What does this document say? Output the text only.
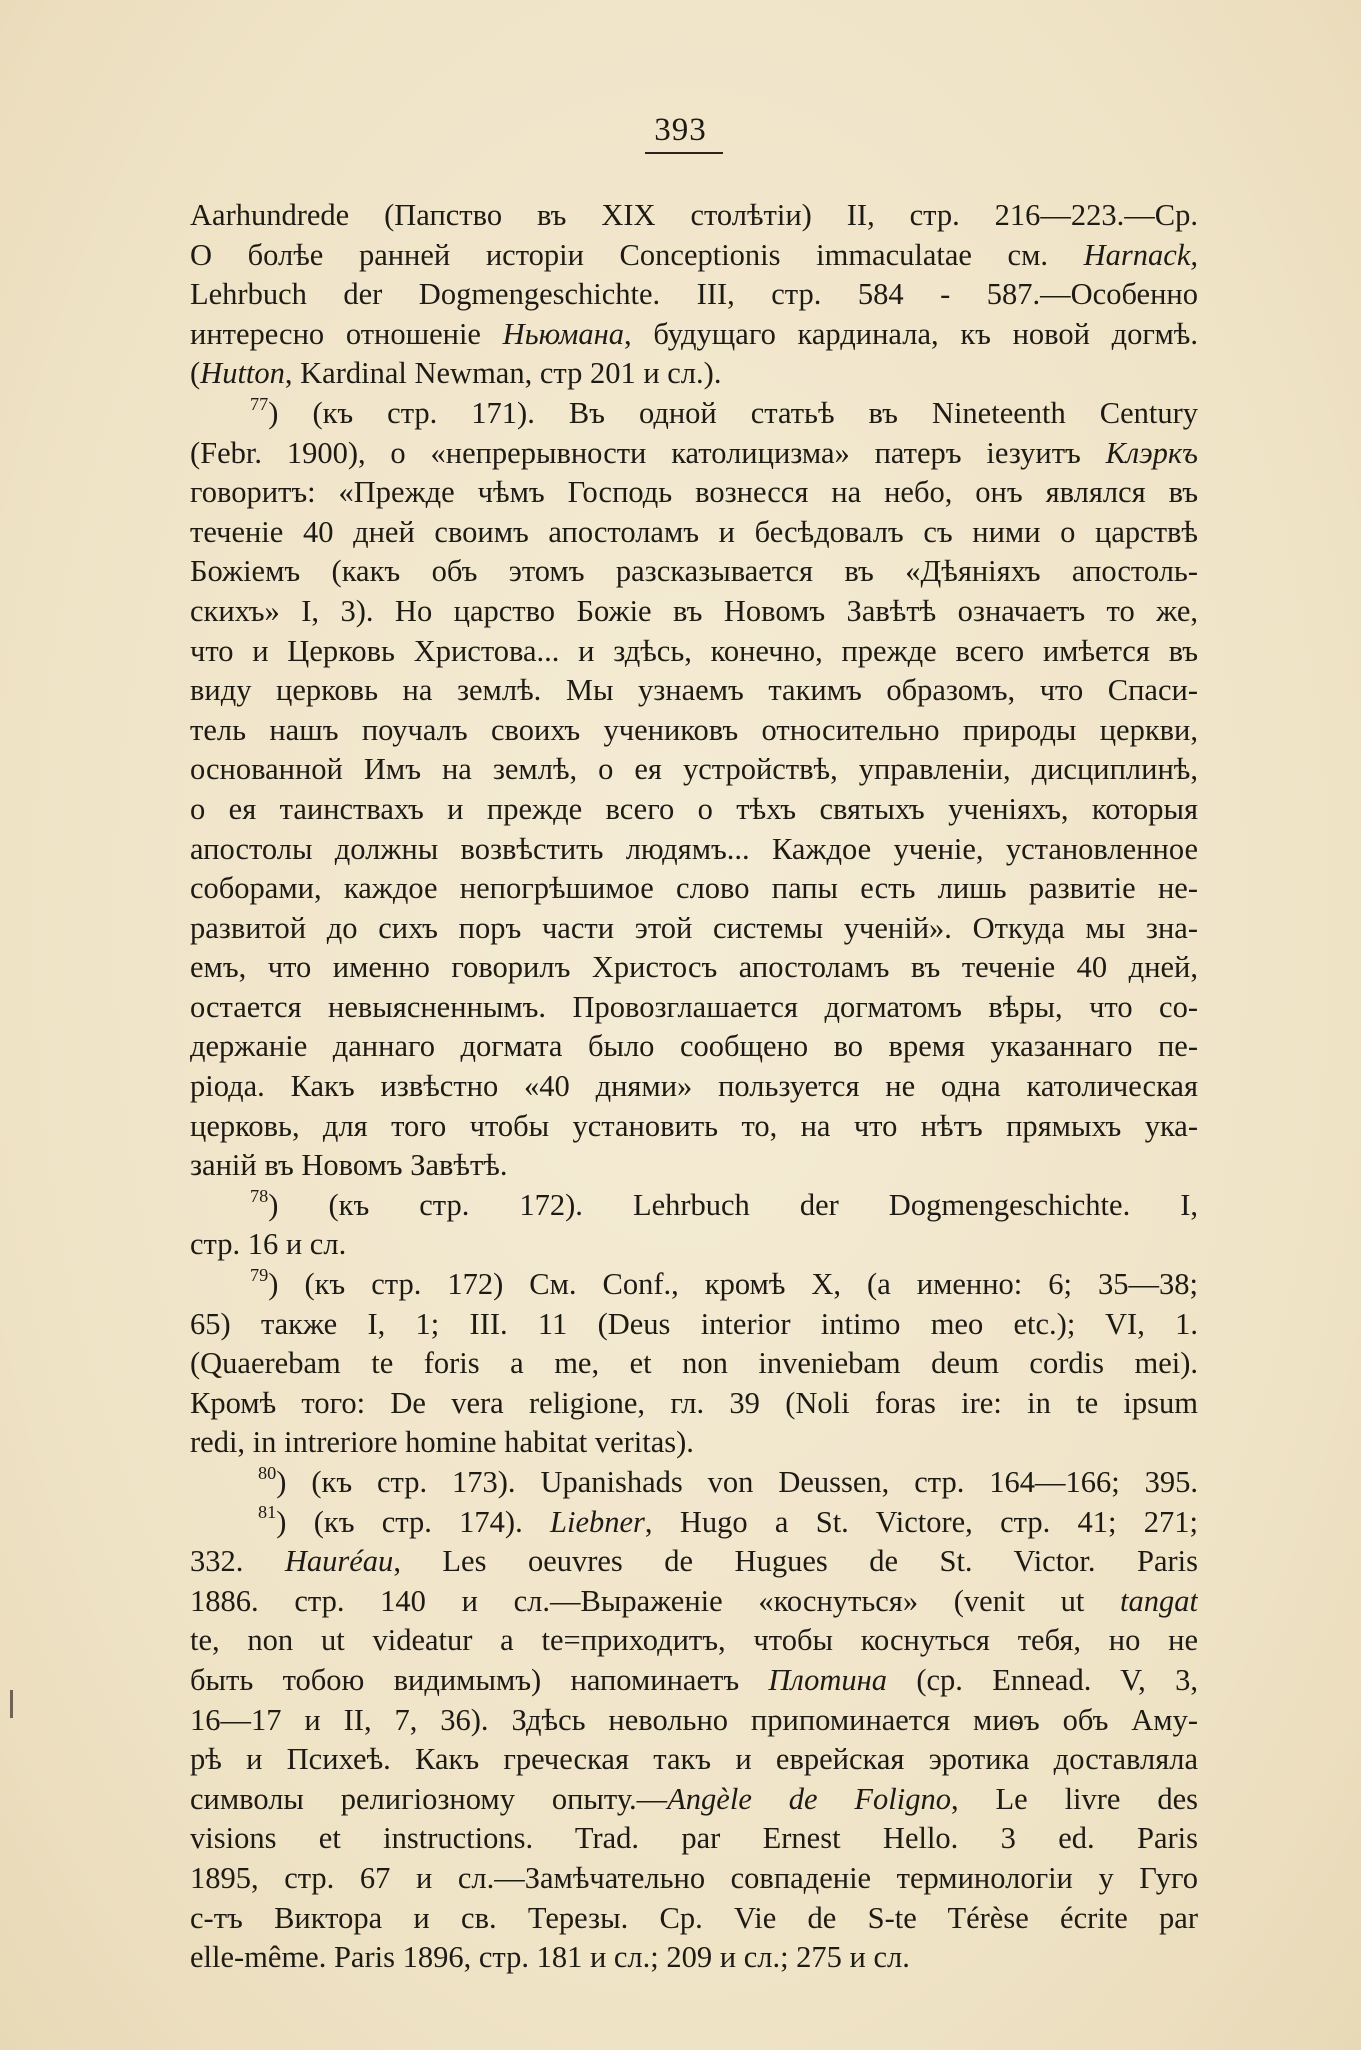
393
Aarhundrede (Папство въ XIX столѣтіи) II, стр. 216—223.—Ср.
О болѣе ранней исторіи Conceptionis immaculatae см. Harnack,
Lehrbuch der Dogmengeschichte. III, стр. 584 - 587.—Особенно
интересно отношеніе Ньюмана, будущаго кардинала, къ новой догмѣ.
(Hutton, Kardinal Newman, стр 201 и сл.).
$^{77}$) (къ стр. 171). Въ одной статьѣ въ Nineteenth Century
(Febr. 1900), о «непрерывности католицизма» патеръ іезуитъ Клэркъ
говоритъ: «Прежде чѣмъ Господь вознесся на небо, онъ являлся въ
теченіе 40 дней своимъ апостоламъ и бесѣдовалъ съ ними о царствѣ
Божіемъ (какъ объ этомъ разсказывается въ «Дѣяніяхъ апостоль-
скихъ» I, 3). Но царство Божіе въ Новомъ Завѣтѣ означаетъ то же,
что и Церковь Христова... и здѣсь, конечно, прежде всего имѣется въ
виду церковь на землѣ. Мы узнаемъ такимъ образомъ, что Спаси-
тель нашъ поучалъ своихъ учениковъ относительно природы церкви,
основанной Имъ на землѣ, о ея устройствѣ, управленіи, дисциплинѣ,
о ея таинствахъ и прежде всего о тѣхъ святыхъ ученіяхъ, которыя
апостолы должны возвѣстить людямъ... Каждое ученіе, установленное
соборами, каждое непогрѣшимое слово папы есть лишь развитіе не-
развитой до сихъ поръ части этой системы ученій». Откуда мы зна-
емъ, что именно говорилъ Христосъ апостоламъ въ теченіе 40 дней,
остается невыясненнымъ. Провозглашается догматомъ вѣры, что со-
держаніе даннаго догмата было сообщено во время указаннаго пе-
ріода. Какъ извѣстно «40 днями» пользуется не одна католическая
церковь, для того чтобы установить то, на что нѣтъ прямыхъ ука-
заній въ Новомъ Завѣтѣ.
$^{78}$) (къ стр. 172). Lehrbuch der Dogmengeschichte. I,
стр. 16 и сл.
$^{79}$) (къ стр. 172) См. Conf., кромѣ X, (а именно: 6; 35—38;
65) также I, 1; III. 11 (Deus interior intimo meo etc.); VI, 1.
(Quaerebam te foris a me, et non inveniebam deum cordis mei).
Кромѣ того: De vera religione, гл. 39 (Noli foras ire: in te ipsum
redi, in intreriore homine habitat veritas).
$^{80}$) (къ стр. 173). Upanishads von Deussen, стр. 164—166; 395.
$^{81}$) (къ стр. 174). Liebner, Hugo a St. Victore, стр. 41; 271;
332. Hauréau, Les oeuvres de Hugues de St. Victor. Paris
1886. стр. 140 и сл.—Выраженіе «коснуться» (venit ut tangat
te, non ut videatur a te=приходитъ, чтобы коснуться тебя, но не
быть тобою видимымъ) напоминаетъ Плотина (ср. Ennead. V, 3,
16—17 и II, 7, 36). Здѣсь невольно припоминается миѳъ объ Аму-
рѣ и Психеѣ. Какъ греческая такъ и еврейская эротика доставляла
символы религіозному опыту.—Angèle de Foligno, Le livre des
visions et instructions. Trad. par Ernest Hello. 3 ed. Paris
1895, стр. 67 и сл.—Замѣчательно совпаденіе терминологіи у Гуго
с-тъ Виктора и св. Терезы. Ср. Vie de S-te Térèse écrite par
elle-même. Paris 1896, стр. 181 и сл.; 209 и сл.; 275 и сл.
